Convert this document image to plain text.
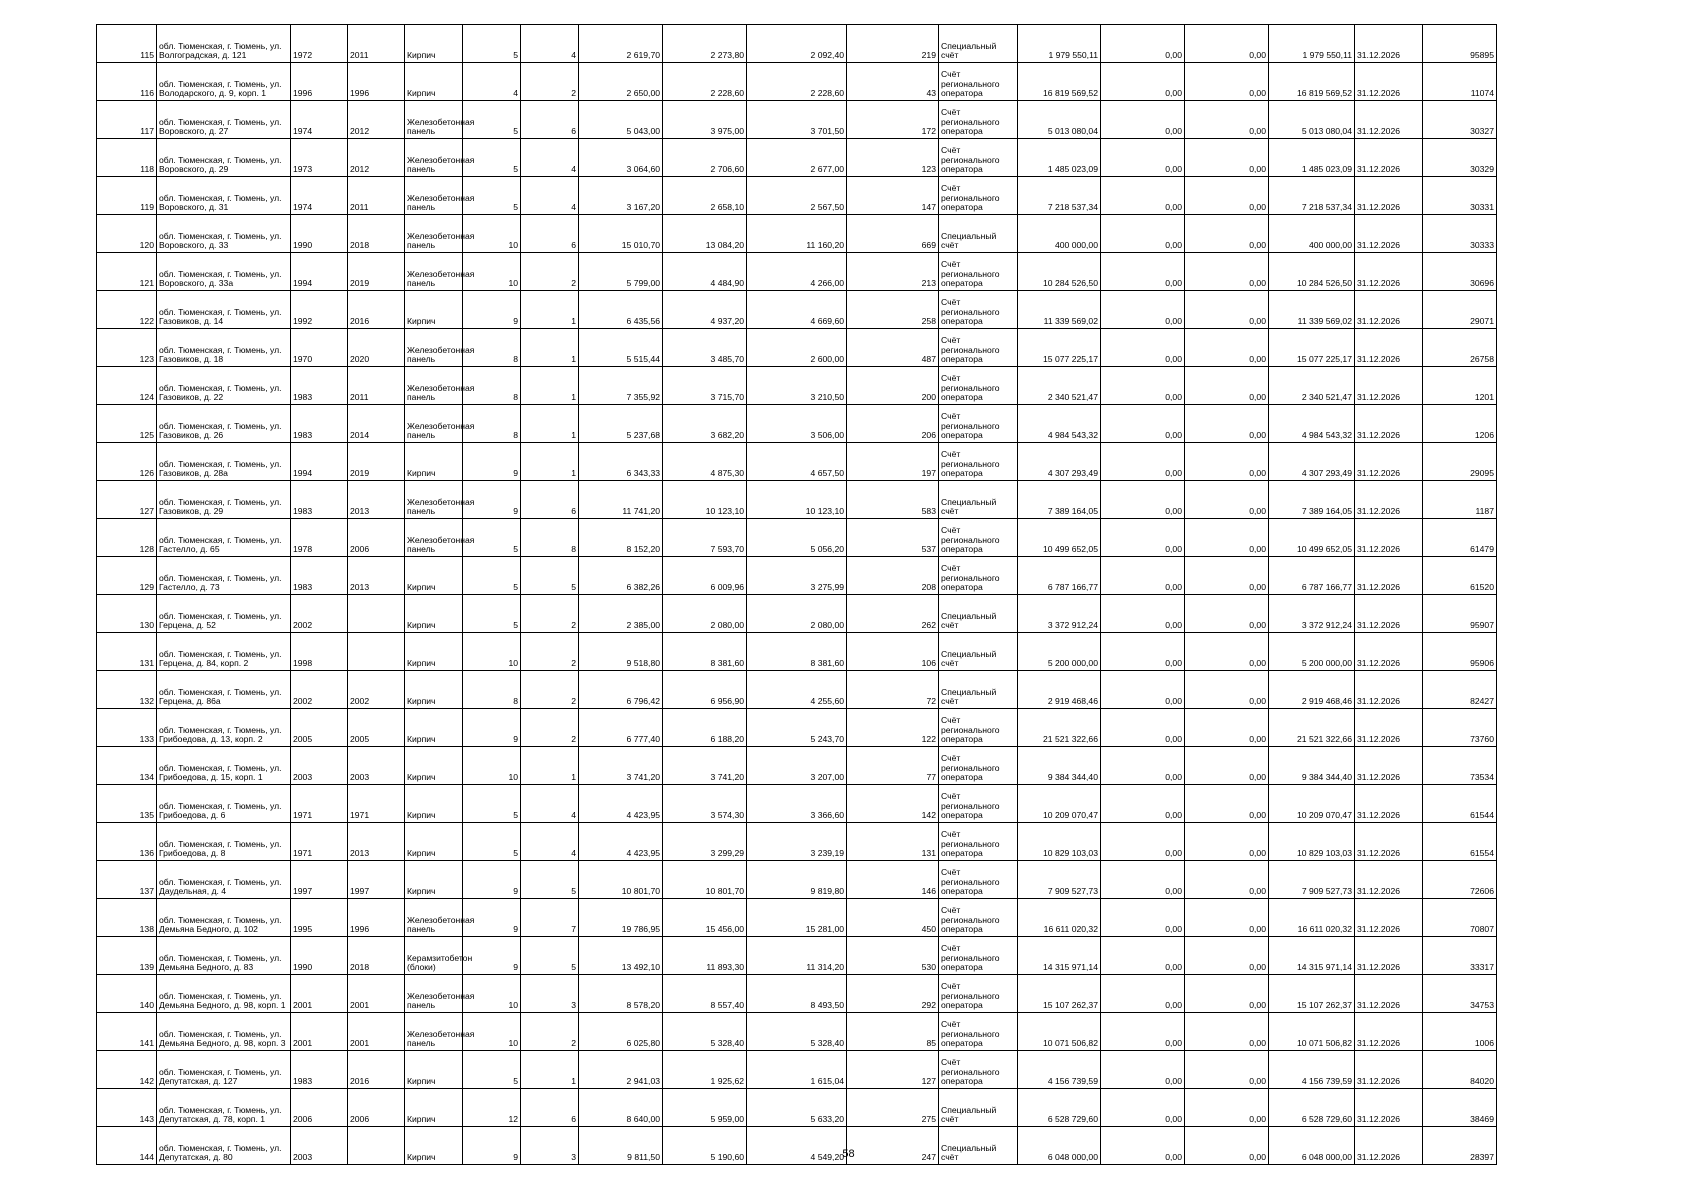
115	обл. Тюменская, г. Тюмень, ул. Волгоградская, д. 121	1972	2011	Кирпич	5	4	2 619,70	2 273,80	2 092,40	219	Специальный счёт	1 979 550,11	0,00	0,00	1 979 550,11	31.12.2026	95895
116	обл. Тюменская, г. Тюмень, ул. Володарского, д. 9, корп. 1	1996	1996	Кирпич	4	2	2 650,00	2 228,60	2 228,60	43	Счёт регионального оператора	16 819 569,52	0,00	0,00	16 819 569,52	31.12.2026	11074
117	обл. Тюменская, г. Тюмень, ул. Воровского, д. 27	1974	2012	Железобетонная панель	5	6	5 043,00	3 975,00	3 701,50	172	Счёт регионального оператора	5 013 080,04	0,00	0,00	5 013 080,04	31.12.2026	30327
118	обл. Тюменская, г. Тюмень, ул. Воровского, д. 29	1973	2012	Железобетонная панель	5	4	3 064,60	2 706,60	2 677,00	123	Счёт регионального оператора	1 485 023,09	0,00	0,00	1 485 023,09	31.12.2026	30329
119	обл. Тюменская, г. Тюмень, ул. Воровского, д. 31	1974	2011	Железобетонная панель	5	4	3 167,20	2 658,10	2 567,50	147	Счёт регионального оператора	7 218 537,34	0,00	0,00	7 218 537,34	31.12.2026	30331
120	обл. Тюменская, г. Тюмень, ул. Воровского, д. 33	1990	2018	Железобетонная панель	10	6	15 010,70	13 084,20	11 160,20	669	Специальный счёт	400 000,00	0,00	0,00	400 000,00	31.12.2026	30333
121	обл. Тюменская, г. Тюмень, ул. Воровского, д. 33а	1994	2019	Железобетонная панель	10	2	5 799,00	4 484,90	4 266,00	213	Счёт регионального оператора	10 284 526,50	0,00	0,00	10 284 526,50	31.12.2026	30696
122	обл. Тюменская, г. Тюмень, ул. Газовиков, д. 14	1992	2016	Кирпич	9	1	6 435,56	4 937,20	4 669,60	258	Счёт регионального оператора	11 339 569,02	0,00	0,00	11 339 569,02	31.12.2026	29071
123	обл. Тюменская, г. Тюмень, ул. Газовиков, д. 18	1970	2020	Железобетонная панель	8	1	5 515,44	3 485,70	2 600,00	487	Счёт регионального оператора	15 077 225,17	0,00	0,00	15 077 225,17	31.12.2026	26758
124	обл. Тюменская, г. Тюмень, ул. Газовиков, д. 22	1983	2011	Железобетонная панель	8	1	7 355,92	3 715,70	3 210,50	200	Счёт регионального оператора	2 340 521,47	0,00	0,00	2 340 521,47	31.12.2026	1201
125	обл. Тюменская, г. Тюмень, ул. Газовиков, д. 26	1983	2014	Железобетонная панель	8	1	5 237,68	3 682,20	3 506,00	206	Счёт регионального оператора	4 984 543,32	0,00	0,00	4 984 543,32	31.12.2026	1206
126	обл. Тюменская, г. Тюмень, ул. Газовиков, д. 28а	1994	2019	Кирпич	9	1	6 343,33	4 875,30	4 657,50	197	Счёт регионального оператора	4 307 293,49	0,00	0,00	4 307 293,49	31.12.2026	29095
127	обл. Тюменская, г. Тюмень, ул. Газовиков, д. 29	1983	2013	Железобетонная панель	9	6	11 741,20	10 123,10	10 123,10	583	Специальный счёт	7 389 164,05	0,00	0,00	7 389 164,05	31.12.2026	1187
128	обл. Тюменская, г. Тюмень, ул. Гастелло, д. 65	1978	2006	Железобетонная панель	5	8	8 152,20	7 593,70	5 056,20	537	Счёт регионального оператора	10 499 652,05	0,00	0,00	10 499 652,05	31.12.2026	61479
129	обл. Тюменская, г. Тюмень, ул. Гастелло, д. 73	1983	2013	Кирпич	5	5	6 382,26	6 009,96	3 275,99	208	Счёт регионального оператора	6 787 166,77	0,00	0,00	6 787 166,77	31.12.2026	61520
130	обл. Тюменская, г. Тюмень, ул. Герцена, д. 52	2002		Кирпич	5	2	2 385,00	2 080,00	2 080,00	262	Специальный счёт	3 372 912,24	0,00	0,00	3 372 912,24	31.12.2026	95907
131	обл. Тюменская, г. Тюмень, ул. Герцена, д. 84, корп. 2	1998		Кирпич	10	2	9 518,80	8 381,60	8 381,60	106	Специальный счёт	5 200 000,00	0,00	0,00	5 200 000,00	31.12.2026	95906
132	обл. Тюменская, г. Тюмень, ул. Герцена, д. 86а	2002	2002	Кирпич	8	2	6 796,42	6 956,90	4 255,60	72	Специальный счёт	2 919 468,46	0,00	0,00	2 919 468,46	31.12.2026	82427
133	обл. Тюменская, г. Тюмень, ул. Грибоедова, д. 13, корп. 2	2005	2005	Кирпич	9	2	6 777,40	6 188,20	5 243,70	122	Счёт регионального оператора	21 521 322,66	0,00	0,00	21 521 322,66	31.12.2026	73760
134	обл. Тюменская, г. Тюмень, ул. Грибоедова, д. 15, корп. 1	2003	2003	Кирпич	10	1	3 741,20	3 741,20	3 207,00	77	Счёт регионального оператора	9 384 344,40	0,00	0,00	9 384 344,40	31.12.2026	73534
135	обл. Тюменская, г. Тюмень, ул. Грибоедова, д. 6	1971	1971	Кирпич	5	4	4 423,95	3 574,30	3 366,60	142	Счёт регионального оператора	10 209 070,47	0,00	0,00	10 209 070,47	31.12.2026	61544
136	обл. Тюменская, г. Тюмень, ул. Грибоедова, д. 8	1971	2013	Кирпич	5	4	4 423,95	3 299,29	3 239,19	131	Счёт регионального оператора	10 829 103,03	0,00	0,00	10 829 103,03	31.12.2026	61554
137	обл. Тюменская, г. Тюмень, ул. Даудельная, д. 4	1997	1997	Кирпич	9	5	10 801,70	10 801,70	9 819,80	146	Счёт регионального оператора	7 909 527,73	0,00	0,00	7 909 527,73	31.12.2026	72606
138	обл. Тюменская, г. Тюмень, ул. Демьяна Бедного, д. 102	1995	1996	Железобетонная панель	9	7	19 786,95	15 456,00	15 281,00	450	Счёт регионального оператора	16 611 020,32	0,00	0,00	16 611 020,32	31.12.2026	70807
139	обл. Тюменская, г. Тюмень, ул. Демьяна Бедного, д. 83	1990	2018	Керамзитобетон (блоки)	9	5	13 492,10	11 893,30	11 314,20	530	Счёт регионального оператора	14 315 971,14	0,00	0,00	14 315 971,14	31.12.2026	33317
140	обл. Тюменская, г. Тюмень, ул. Демьяна Бедного, д. 98, корп. 1	2001	2001	Железобетонная панель	10	3	8 578,20	8 557,40	8 493,50	292	Счёт регионального оператора	15 107 262,37	0,00	0,00	15 107 262,37	31.12.2026	34753
141	обл. Тюменская, г. Тюмень, ул. Демьяна Бедного, д. 98, корп. 3	2001	2001	Железобетонная панель	10	2	6 025,80	5 328,40	5 328,40	85	Счёт регионального оператора	10 071 506,82	0,00	0,00	10 071 506,82	31.12.2026	1006
142	обл. Тюменская, г. Тюмень, ул. Депутатская, д. 127	1983	2016	Кирпич	5	1	2 941,03	1 925,62	1 615,04	127	Счёт регионального оператора	4 156 739,59	0,00	0,00	4 156 739,59	31.12.2026	84020
143	обл. Тюменская, г. Тюмень, ул. Депутатская, д. 78, корп. 1	2006	2006	Кирпич	12	6	8 640,00	5 959,00	5 633,20	275	Специальный счёт	6 528 729,60	0,00	0,00	6 528 729,60	31.12.2026	38469
144	обл. Тюменская, г. Тюмень, ул. Депутатская, д. 80	2003		Кирпич	9	3	9 811,50	5 190,60	4 549,20	247	Специальный счёт	6 048 000,00	0,00	0,00	6 048 000,00	31.12.2026	28397
58
